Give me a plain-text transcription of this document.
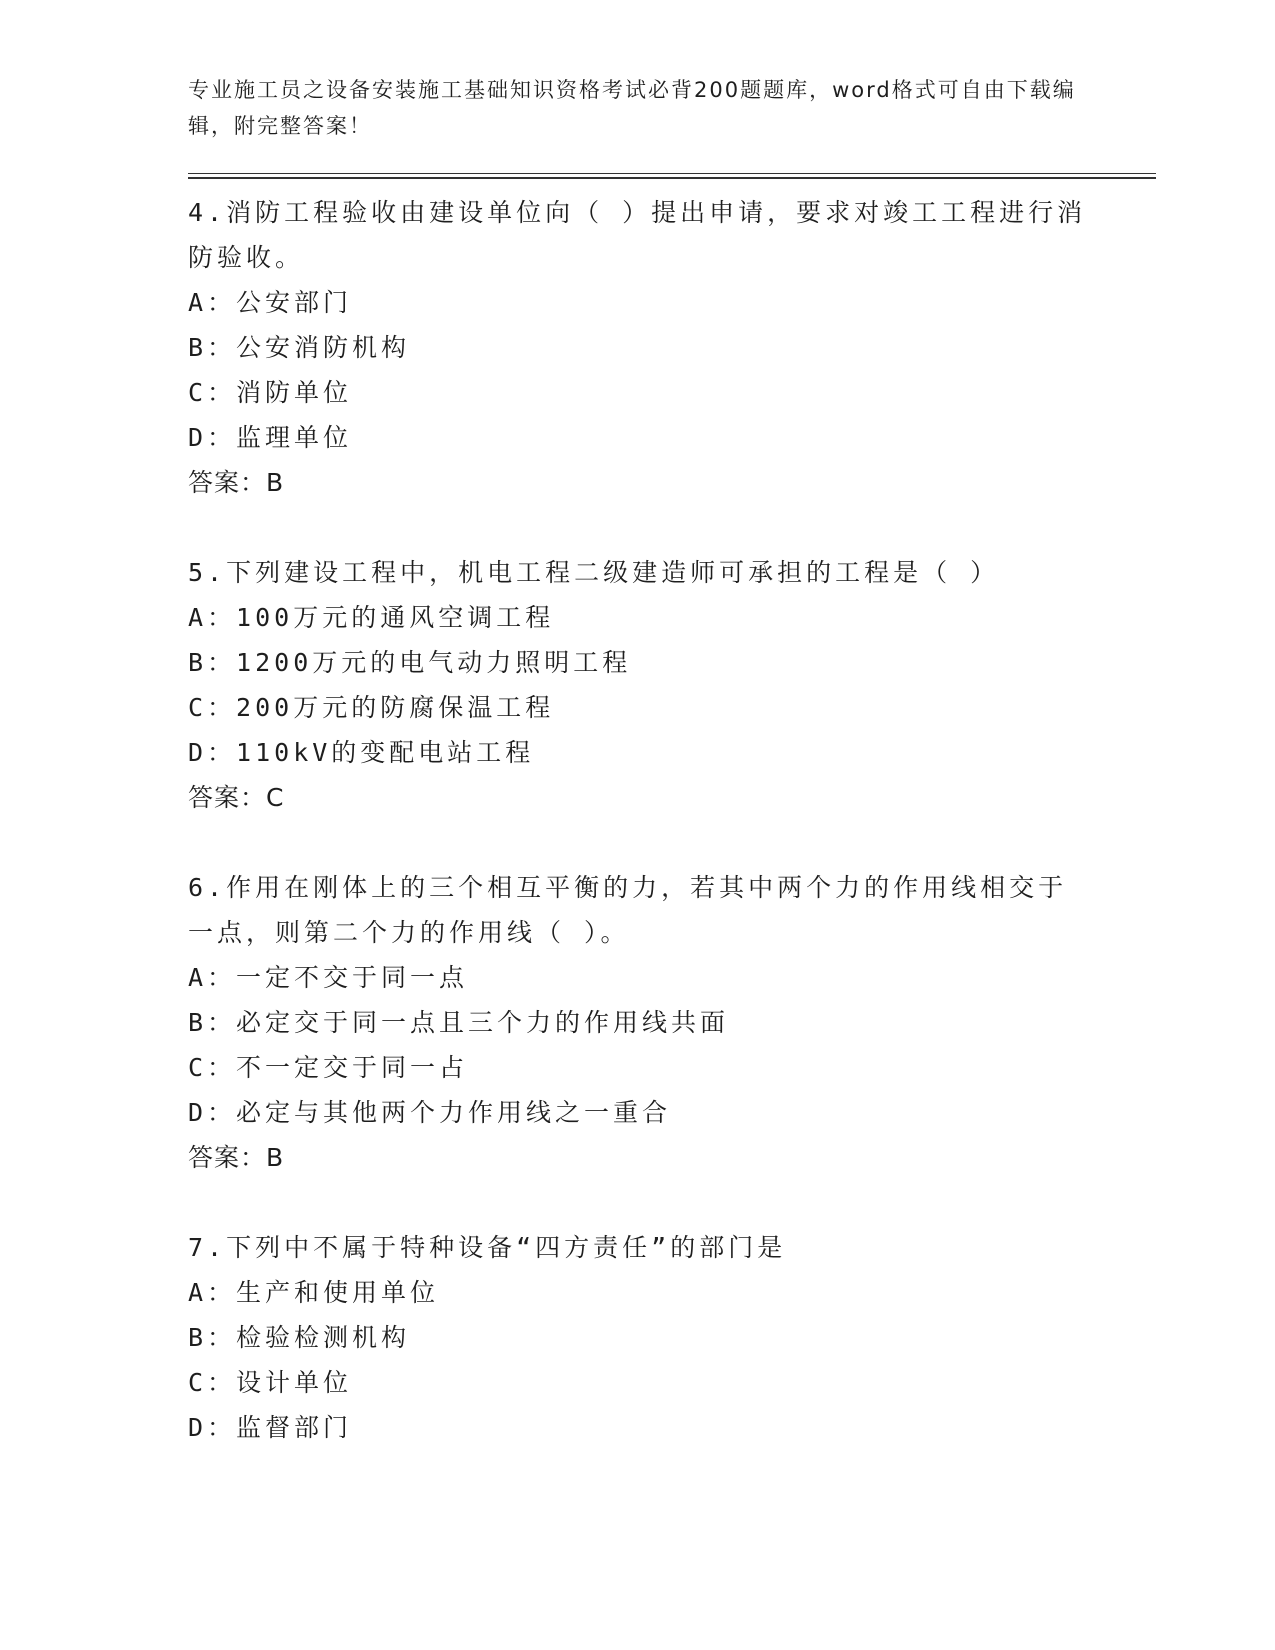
专业施工员之设备安装施工基础知识资格考试必背200题题库，word格式可自由下载编辑，附完整答案！
4.消防工程验收由建设单位向（ ）提出申请，要求对竣工工程进行消防验收。
A：公安部门
B：公安消防机构
C：消防单位
D：监理单位
答案：B
5.下列建设工程中，机电工程二级建造师可承担的工程是（ ）
A：100万元的通风空调工程
B：1200万元的电气动力照明工程
C：200万元的防腐保温工程
D：110kV的变配电站工程
答案：C
6.作用在刚体上的三个相互平衡的力，若其中两个力的作用线相交于一点，则第二个力的作用线（ ）。
A：一定不交于同一点
B：必定交于同一点且三个力的作用线共面
C：不一定交于同一占
D：必定与其他两个力作用线之一重合
答案：B
7.下列中不属于特种设备“四方责任”的部门是
A：生产和使用单位
B：检验检测机构
C：设计单位
D：监督部门
